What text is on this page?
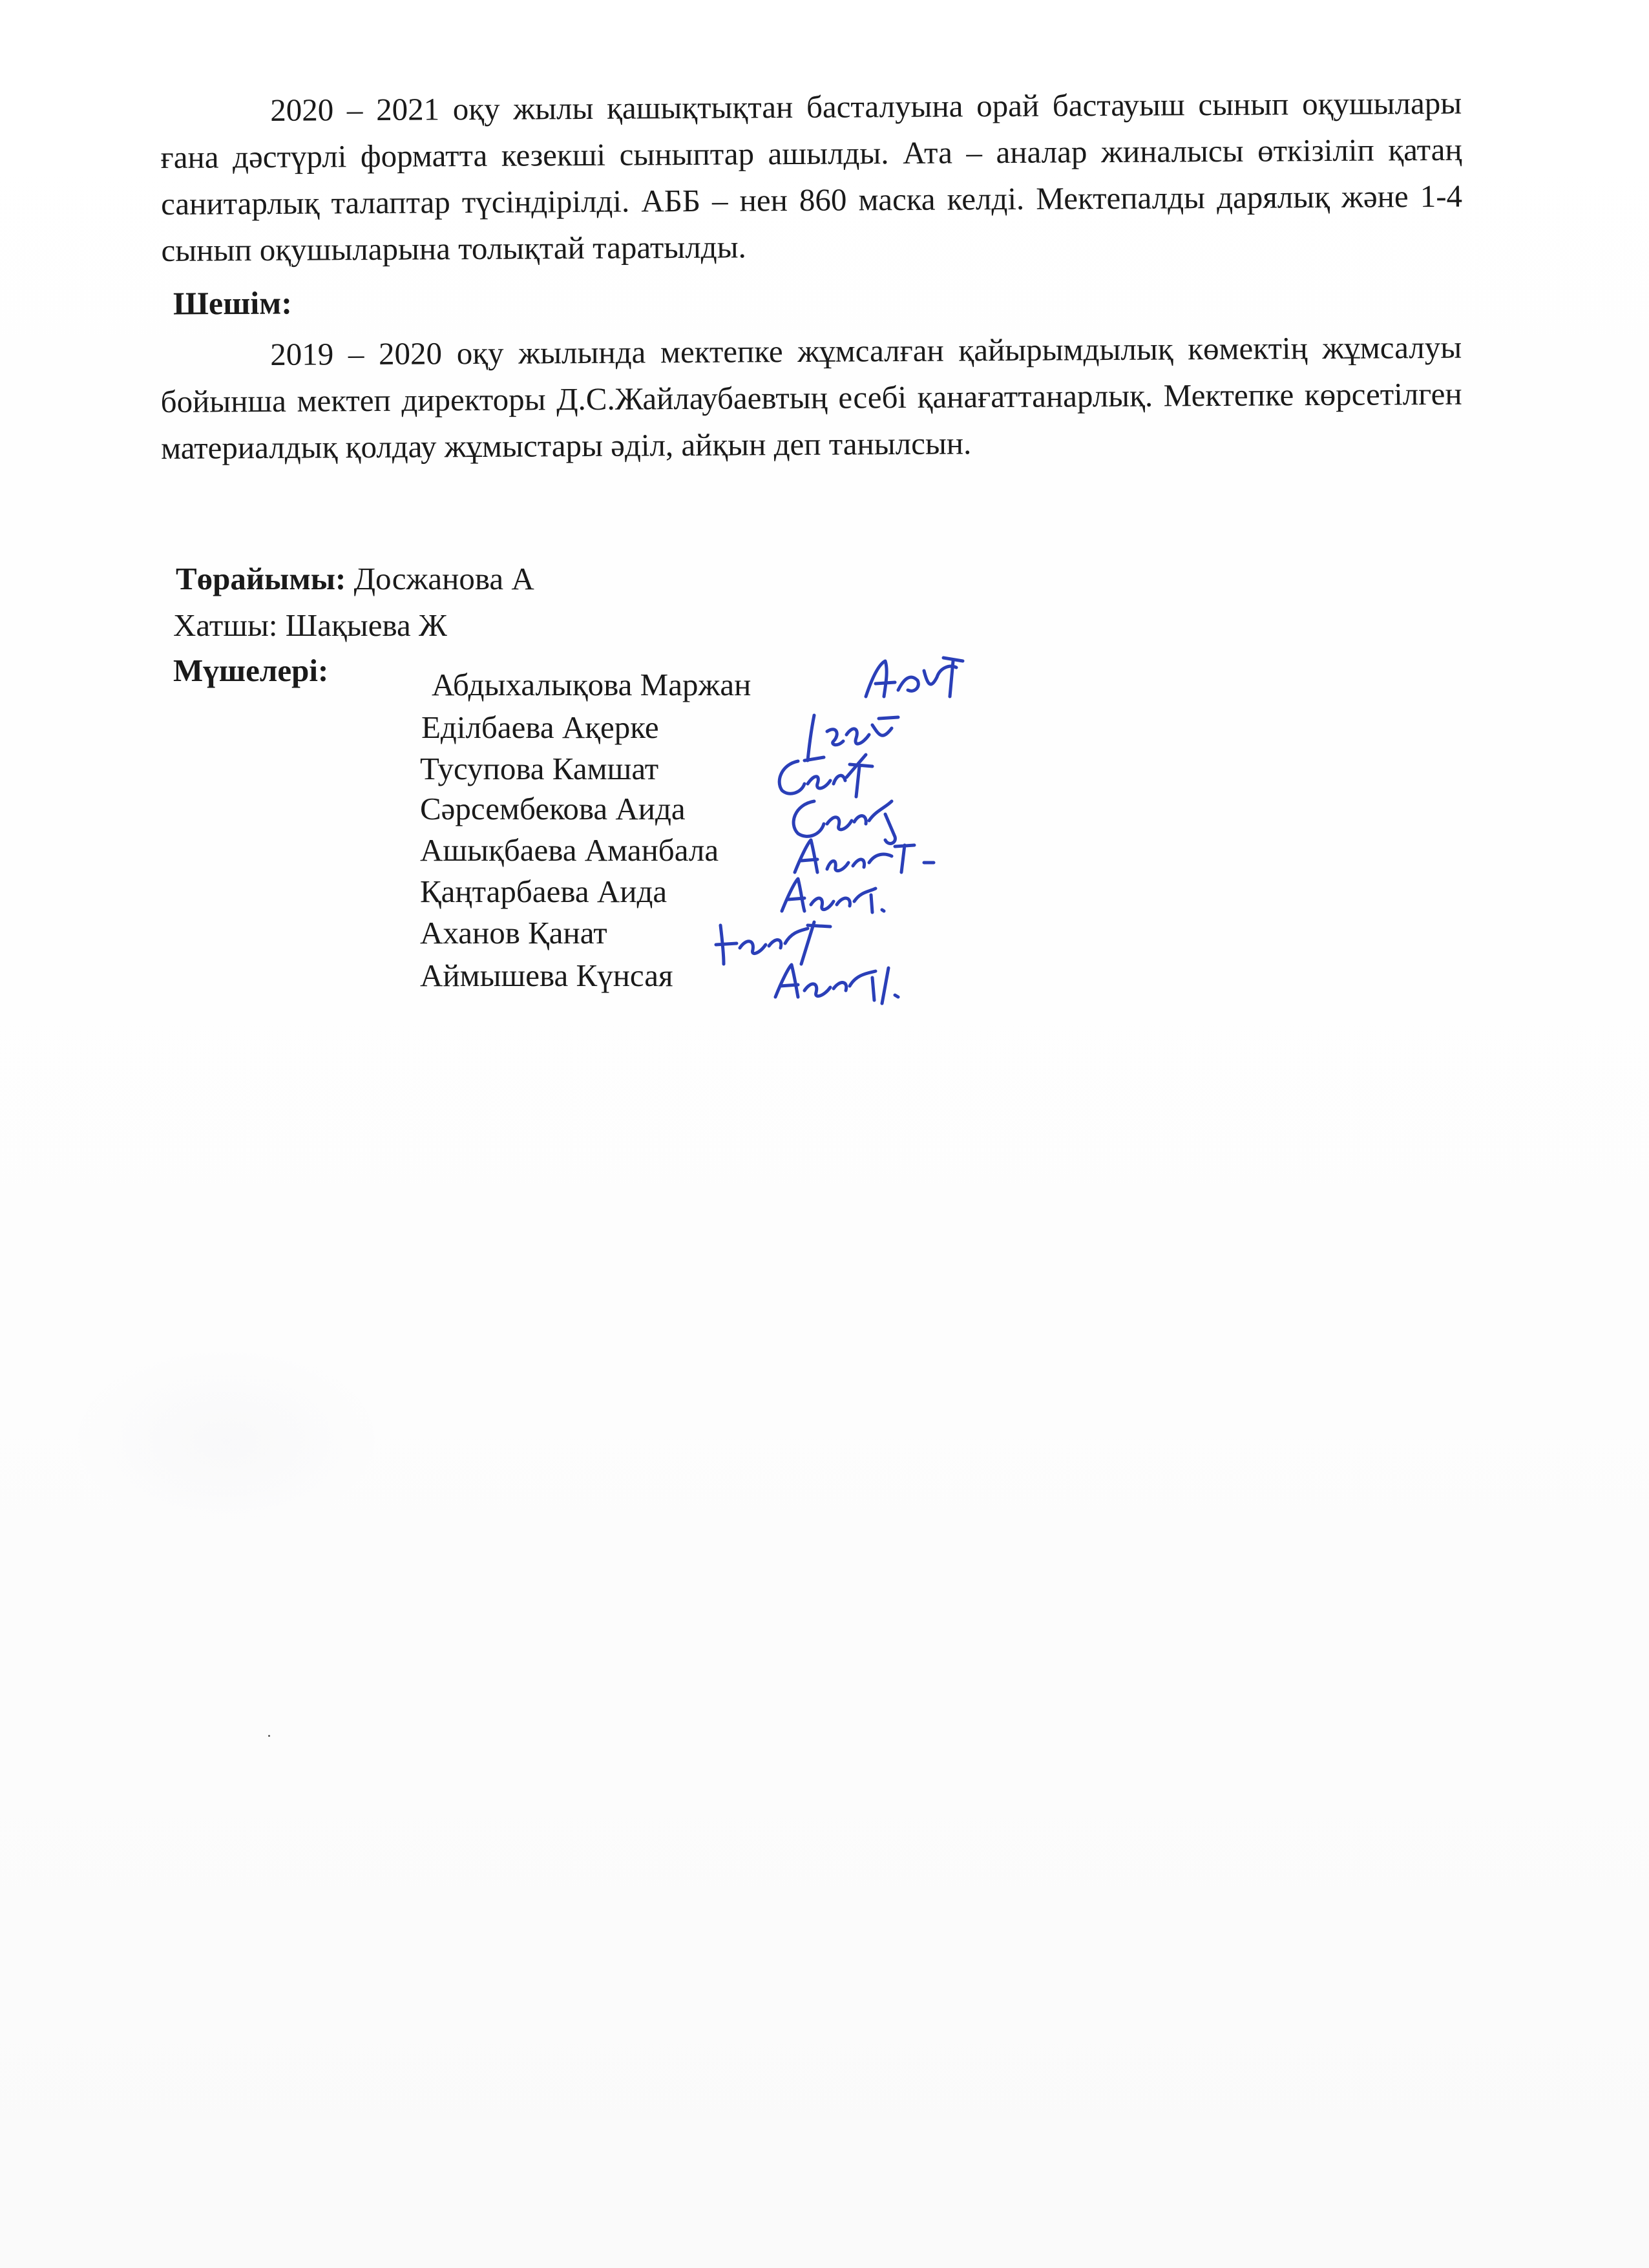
2020 – 2021 оқу жылы қашықтықтан басталуына орай бастауыш сынып оқушылары ғана дәстүрлі форматта кезекші сыныптар ашылды. Ата – аналар жиналысы өткізіліп қатаң санитарлық талаптар түсіндірілді. АББ – нен 860 маска келді. Мектепалды дарялық және 1-4 сынып оқушыларына толықтай таратылды.

Шешім:

2019 – 2020 оқу жылында мектепке жұмсалған қайырымдылық көмектің жұмсалуы бойынша мектеп директоры Д.С.Жайлаубаевтың есебі қанағаттанарлық. Мектепке көрсетілген материалдық қолдау жұмыстары әділ, айқын деп танылсын.

Төрайымы: Досжанова А
Хатшы: Шақыева Ж
Мүшелері:	Абдыхалықова Маржан
Еділбаева Ақерке
Тусупова Камшат
Сәрсембекова Аида
Ашықбаева Аманбала
Қаңтарбаева Аида
Аханов Қанат
Аймышева Күнсая
